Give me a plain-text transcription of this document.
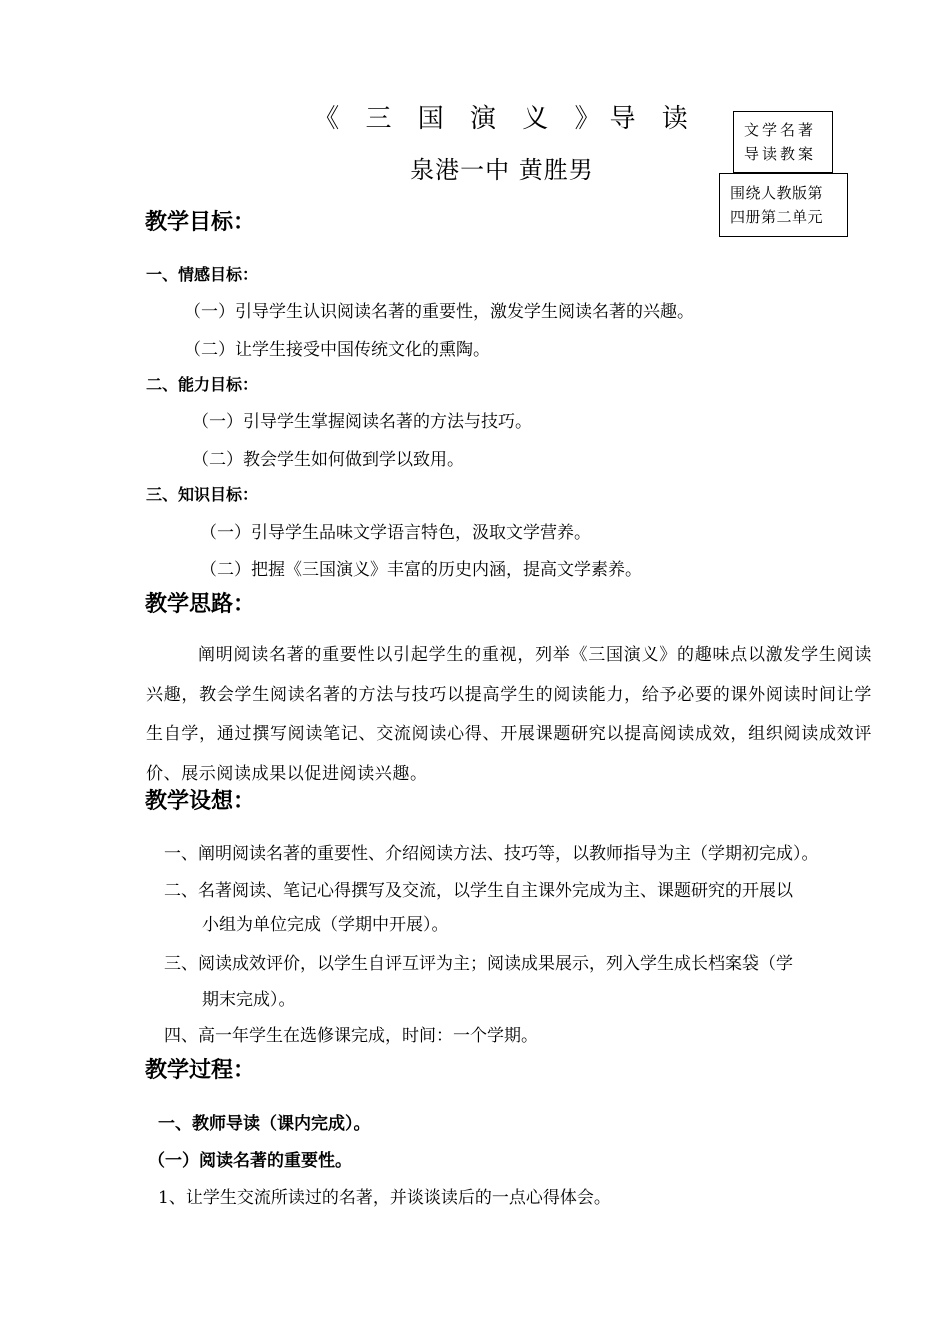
《 三 国 演 义 》导 读
泉港一中 黄胜男
文学名著
导读教案
围绕人教版第
四册第二单元
教学目标：
一、情感目标：
（一）引导学生认识阅读名著的重要性，激发学生阅读名著的兴趣。
（二）让学生接受中国传统文化的熏陶。
二、能力目标：
（一）引导学生掌握阅读名著的方法与技巧。
（二）教会学生如何做到学以致用。
三、知识目标：
（一）引导学生品味文学语言特色，汲取文学营养。
（二）把握《三国演义》丰富的历史内涵，提高文学素养。
教学思路：
阐明阅读名著的重要性以引起学生的重视，列举《三国演义》的趣味点以激发学生阅读兴趣，教会学生阅读名著的方法与技巧以提高学生的阅读能力，给予必要的课外阅读时间让学生自学，通过撰写阅读笔记、交流阅读心得、开展课题研究以提高阅读成效，组织阅读成效评价、展示阅读成果以促进阅读兴趣。
教学设想：
一、阐明阅读名著的重要性、介绍阅读方法、技巧等，以教师指导为主（学期初完成）。
二、名著阅读、笔记心得撰写及交流，以学生自主课外完成为主、课题研究的开展以
小组为单位完成（学期中开展）。
三、阅读成效评价，以学生自评互评为主；阅读成果展示，列入学生成长档案袋（学
期末完成）。
四、高一年学生在选修课完成，时间：一个学期。
教学过程：
一、教师导读（课内完成）。
（一）阅读名著的重要性。
1、让学生交流所读过的名著，并谈谈读后的一点心得体会。
